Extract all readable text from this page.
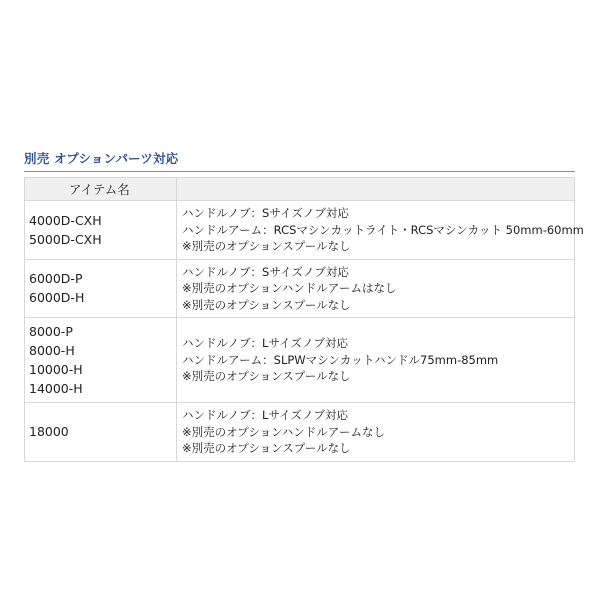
別売 オプションパーツ対応
アイテム名	

4000D-CXH
5000D-CXH	ハンドルノブ：Sサイズノブ対応
ハンドルアーム：RCSマシンカットライト・RCSマシンカット 50mm-60mm
※別売のオプションスプールなし

6000D-P
6000D-H	ハンドルノブ：Sサイズノブ対応
※別売のオプションハンドルアームはなし
※別売のオプションスプールなし

8000-P
8000-H
10000-H
14000-H	ハンドルノブ：Lサイズノブ対応
ハンドルアーム：SLPWマシンカットハンドル75mm-85mm
※別売のオプションスプールなし

18000	ハンドルノブ：Lサイズノブ対応
※別売のオプションハンドルアームなし
※別売のオプションスプールなし
